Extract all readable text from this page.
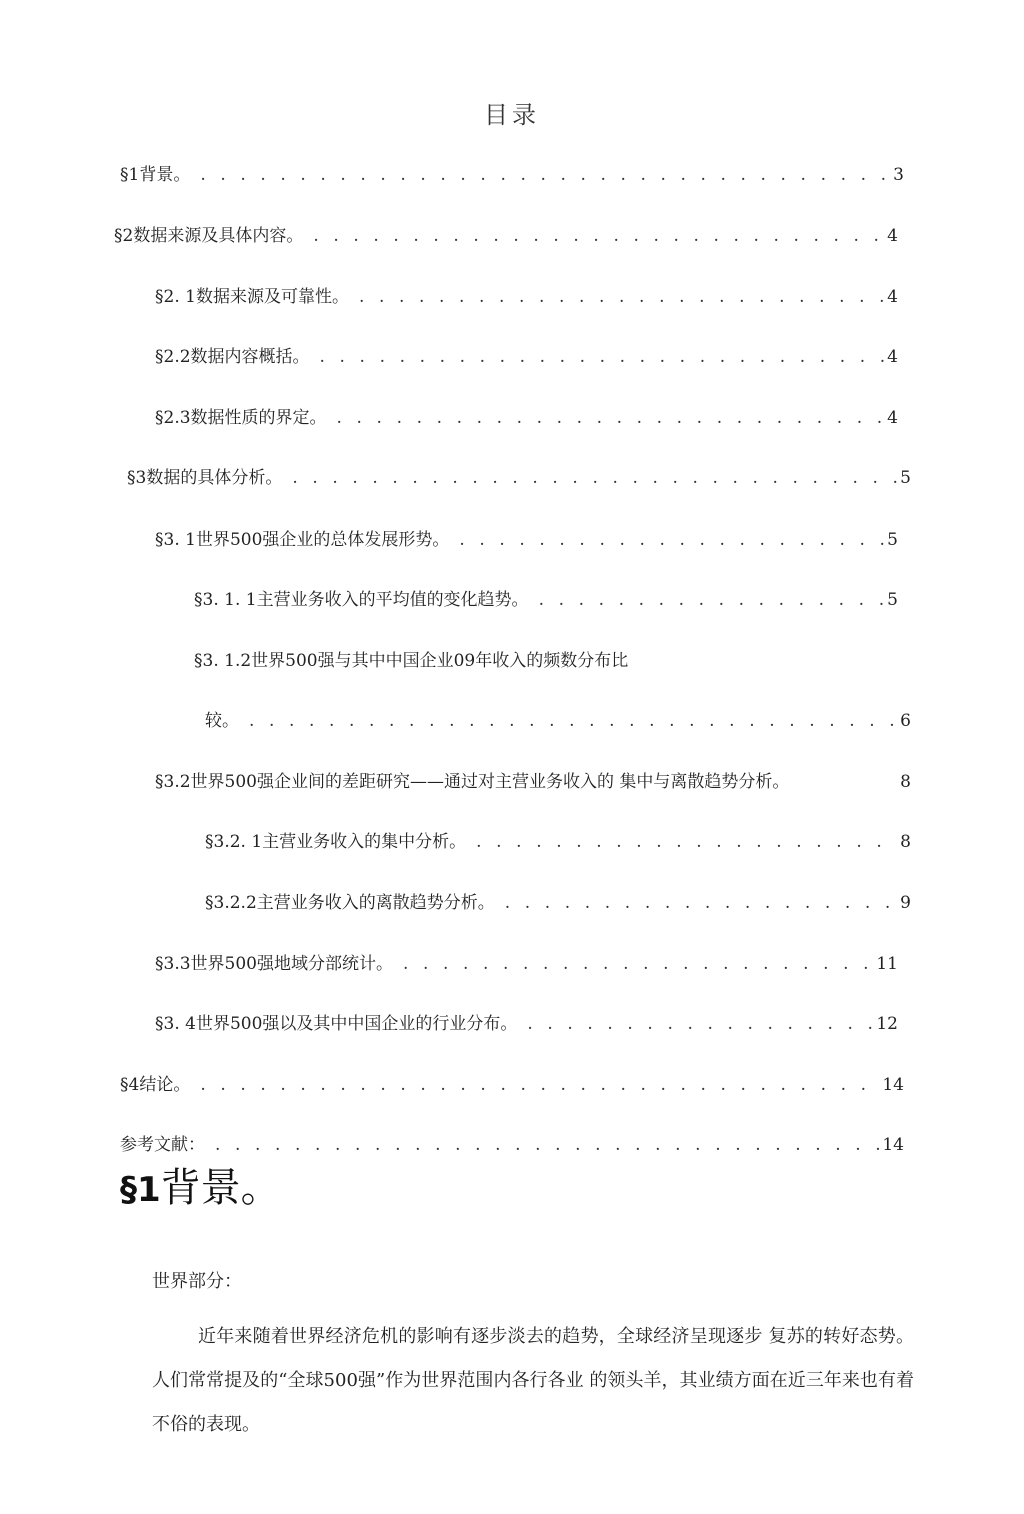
目录
§1背景。 . . .	3
§2数据来源及具体内容。 . . .	4
§2. 1数据来源及可靠性。 . . .	4
§2.2数据内容概括。 . . .	4
§2.3数据性质的界定。 . . .	4
§3数据的具体分析。 . . .	5
§3. 1世界500强企业的总体发展形势。 . . .	5
§3. 1. 1主营业务收入的平均值的变化趋势。 . . .	5
§3. 1.2世界500强与其中中国企业09年收入的频数分布比
较。 . . .	6
§3.2世界500强企业间的差距研究——通过对主营业务收入的 集中与离散趋势分析。	8
§3.2. 1主营业务收入的集中分析。 . . .	8
§3.2.2主营业务收入的离散趋势分析。 . . .	9
§3.3世界500强地域分部统计。 . . .	11
§3. 4世界500强以及其中中国企业的行业分布。 . . .	12
§4结论。 . . .	14
参考文献： . . .	14
§1背景。
世界部分：
近年来随着世界经济危机的影响有逐步淡去的趋势，全球经济呈现逐步 复苏的转好态势。人们常常提及的“全球500强”作为世界范围内各行各业 的领头羊，其业绩方面在近三年来也有着不俗的表现。
